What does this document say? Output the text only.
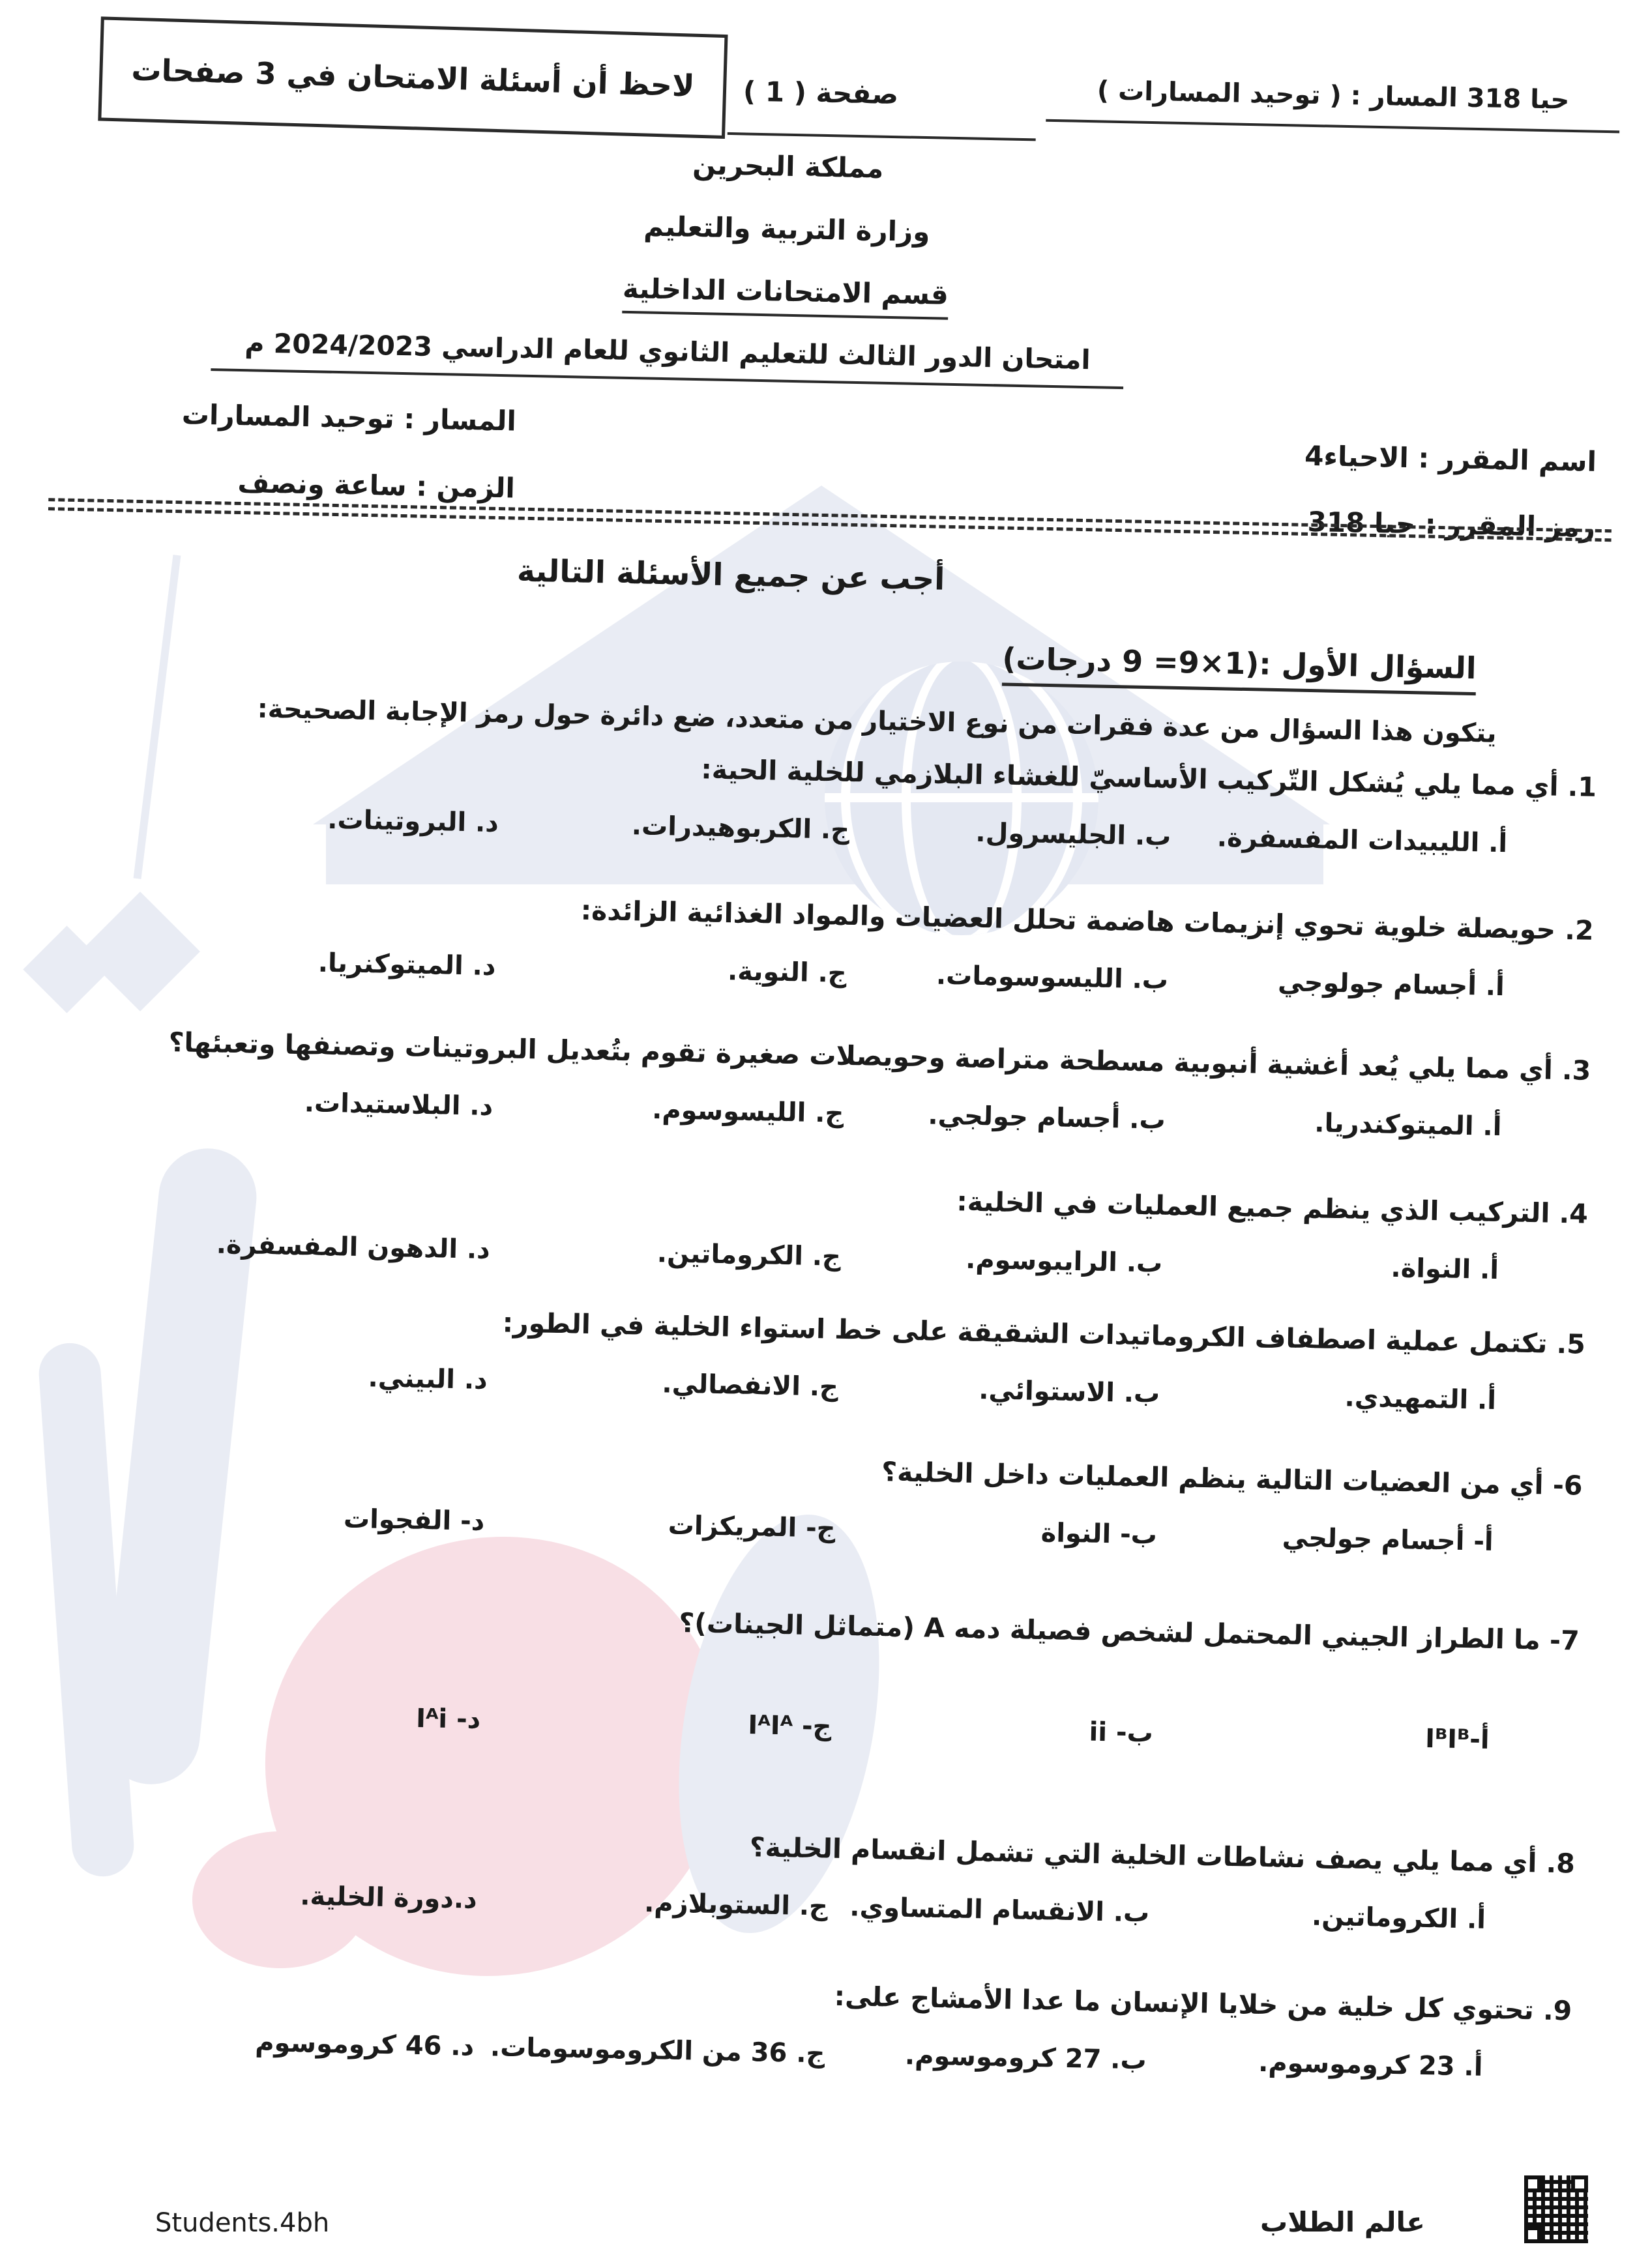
لاحظ أن أسئلة الامتحان في 3 صفحات	صفحة ( 1 )	حيا 318 المسار : ( توحيد المسارات )
مملكة البحرين
وزارة التربية والتعليم
قسم الامتحانات الداخلية
امتحان الدور الثالث للتعليم الثانوي للعام الدراسي 2024/2023 م
اسم المقرر : الاحياء4
رمز المقرر : حيا 318
المسار : توحيد المسارات
الزمن : ساعة ونصف
أجب عن جميع الأسئلة التالية
السؤال الأول :(1×9= 9 درجات)
يتكون هذا السؤال من عدة فقرات من نوع الاختيار من متعدد، ضع دائرة حول رمز الإجابة الصحيحة:
1. أي مما يلي يُشكل التّركيب الأساسيّ للغشاء البلازمي للخلية الحية:
أ. الليبيدات المفسفرة.
ب. الجليسرول.
ج. الكربوهيدرات.
د. البروتينات.
2. حويصلة خلوية تحوي إنزيمات هاضمة تحلل العضيات والمواد الغذائية الزائدة:
أ. أجسام جولوجي
ب. الليسوسومات.
ج. النوية.
د. الميتوكنريا.
3. أي مما يلي يُعد أغشية أنبوبية مسطحة متراصة وحويصلات صغيرة تقوم بتُعديل البروتينات وتصنفها وتعبئها؟
أ. الميتوكندريا.
ب. أجسام جولجي.
ج. الليسوسوم.
د. البلاستيدات.
4. التركيب الذي ينظم جميع العمليات في الخلية:
أ. النواة.
ب. الرايبوسوم.
ج. الكروماتين.
د. الدهون المفسفرة.
5. تكتمل عملية اصطفاف الكروماتيدات الشقيقة على خط استواء الخلية في الطور:
أ. التمهيدي.
ب. الاستوائي.
ج. الانفصالي.
د. البيني.
6- أي من العضيات التالية ينظم العمليات داخل الخلية؟
أ- أجسام جولجي
ب- النواة
ج- المريكزات
د- الفجوات
7- ما الطراز الجيني المحتمل لشخص فصيلة دمه A (متماثل الجينات)؟
أ-IᴮIᴮ
ب- ii
ج- IᴬIᴬ
د- Iᴬi
8. أي مما يلي يصف نشاطات الخلية التي تشمل انقسام الخلية؟
أ. الكروماتين.
ب. الانقسام المتساوي.
ج. الستوبلازم.
د.دورة الخلية.
9. تحتوي كل خلية من خلايا الإنسان ما عدا الأمشاج على:
أ. 23 كروموسوم.
ب. 27 كروموسوم.
ج. 36 من الكروموسومات.
د. 46 كروموسوم
Students.4bh	عالم الطلاب
